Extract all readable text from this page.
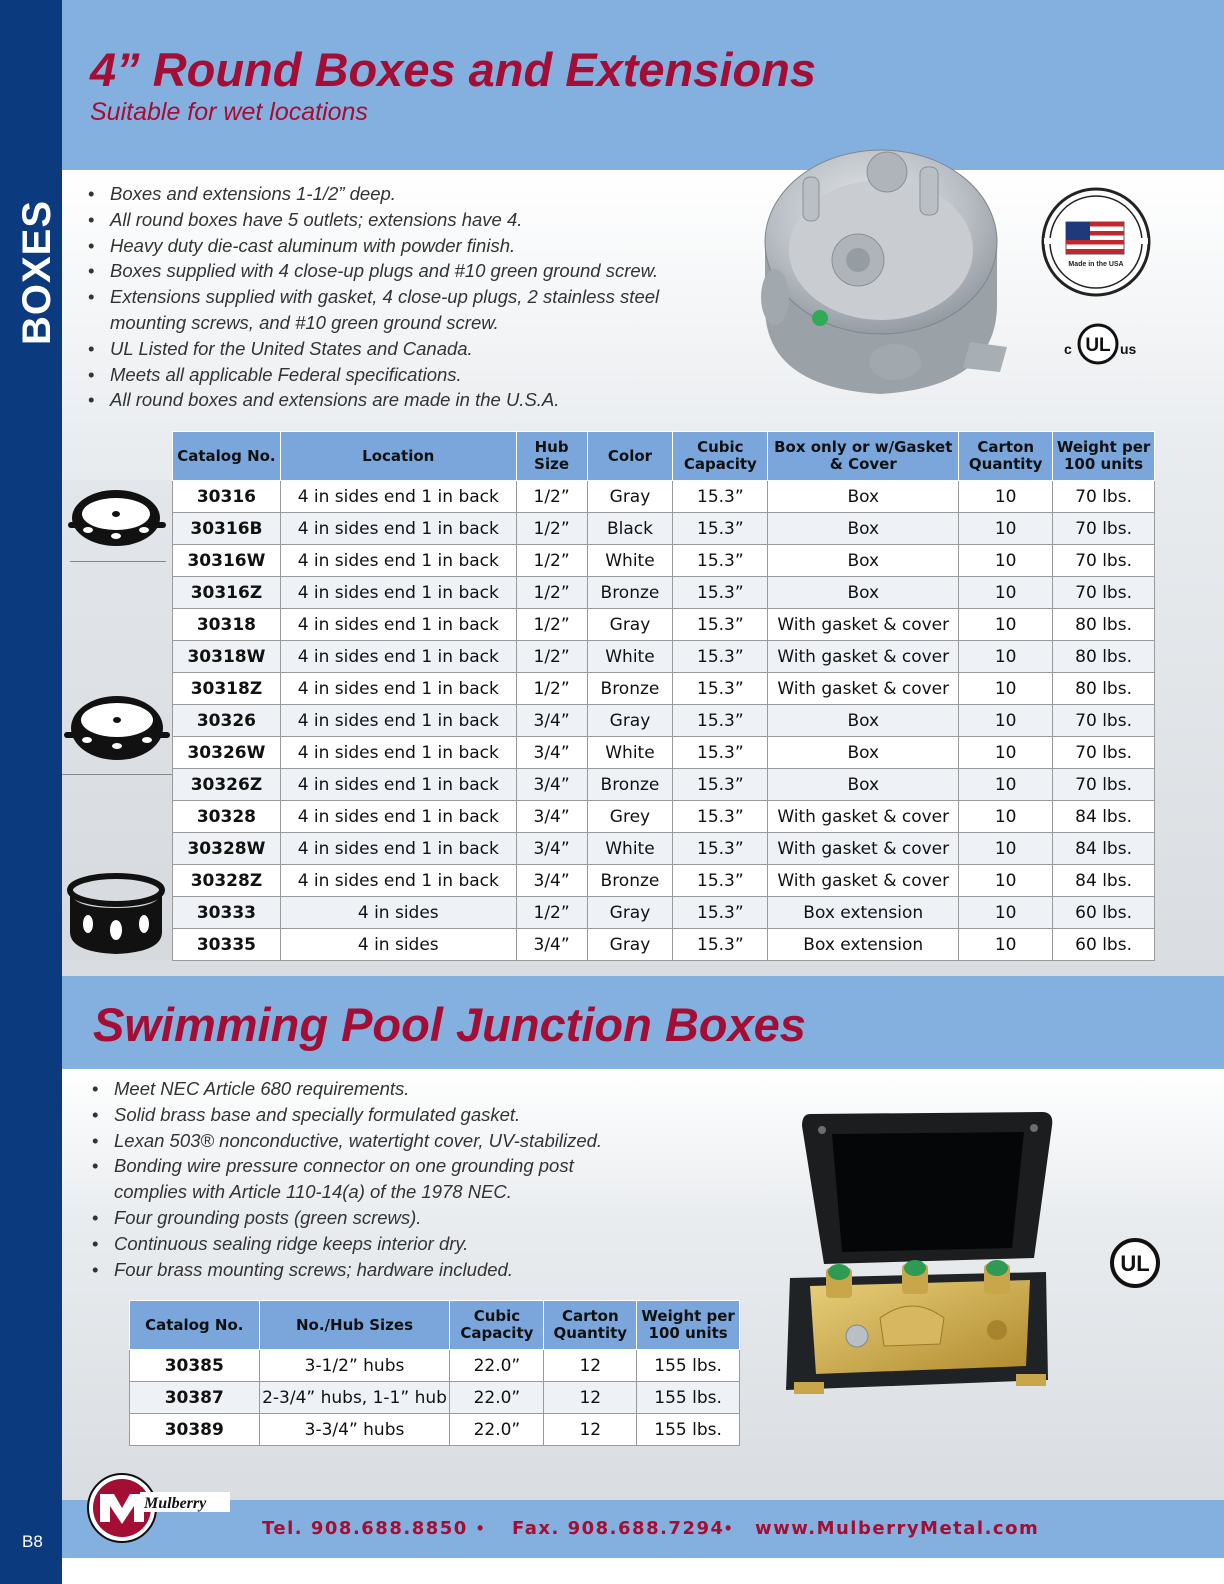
BOXES
B8
4” Round Boxes and Extensions
Suitable for wet locations
• Boxes and extensions 1-1/2” deep.
• All round boxes have 5 outlets; extensions have 4.
• Heavy duty die-cast aluminum with powder finish.
• Boxes supplied with 4 close-up plugs and #10 green ground screw.
• Extensions supplied with gasket, 4 close-up plugs, 2 stainless steel mounting screws, and #10 green ground screw.
• UL Listed for the United States and Canada.
• Meets all applicable Federal specifications.
• All round boxes and extensions are made in the U.S.A.
Made in the USA
c UL us
Catalog No.	Location	Hub Size	Color	Cubic Capacity	Box only or w/Gasket & Cover	Carton Quantity	Weight per 100 units
30316	4 in sides end 1 in back	1/2”	Gray	15.3”	Box	10	70 lbs.
30316B	4 in sides end 1 in back	1/2”	Black	15.3”	Box	10	70 lbs.
30316W	4 in sides end 1 in back	1/2”	White	15.3”	Box	10	70 lbs.
30316Z	4 in sides end 1 in back	1/2”	Bronze	15.3”	Box	10	70 lbs.
30318	4 in sides end 1 in back	1/2”	Gray	15.3”	With gasket & cover	10	80 lbs.
30318W	4 in sides end 1 in back	1/2”	White	15.3”	With gasket & cover	10	80 lbs.
30318Z	4 in sides end 1 in back	1/2”	Bronze	15.3”	With gasket & cover	10	80 lbs.
30326	4 in sides end 1 in back	3/4”	Gray	15.3”	Box	10	70 lbs.
30326W	4 in sides end 1 in back	3/4”	White	15.3”	Box	10	70 lbs.
30326Z	4 in sides end 1 in back	3/4”	Bronze	15.3”	Box	10	70 lbs.
30328	4 in sides end 1 in back	3/4”	Grey	15.3”	With gasket & cover	10	84 lbs.
30328W	4 in sides end 1 in back	3/4”	White	15.3”	With gasket & cover	10	84 lbs.
30328Z	4 in sides end 1 in back	3/4”	Bronze	15.3”	With gasket & cover	10	84 lbs.
30333	4 in sides	1/2”	Gray	15.3”	Box extension	10	60 lbs.
30335	4 in sides	3/4”	Gray	15.3”	Box extension	10	60 lbs.
Swimming Pool Junction Boxes
• Meet NEC Article 680 requirements.
• Solid brass base and specially formulated gasket.
• Lexan 503® nonconductive, watertight cover, UV-stabilized.
• Bonding wire pressure connector on one grounding post complies with Article 110-14(a) of the 1978 NEC.
• Four grounding posts (green screws).
• Continuous sealing ridge keeps interior dry.
• Four brass mounting screws; hardware included.	UL
Catalog No.	No./Hub Sizes	Cubic Capacity	Carton Quantity	Weight per 100 units
30385	3-1/2” hubs	22.0”	12	155 lbs.
30387	2-3/4” hubs, 1-1” hub	22.0”	12	155 lbs.
30389	3-3/4” hubs	22.0”	12	155 lbs.
Mulberry
Tel. 908.688.8850 • Fax. 908.688.7294 • www.MulberryMetal.com
